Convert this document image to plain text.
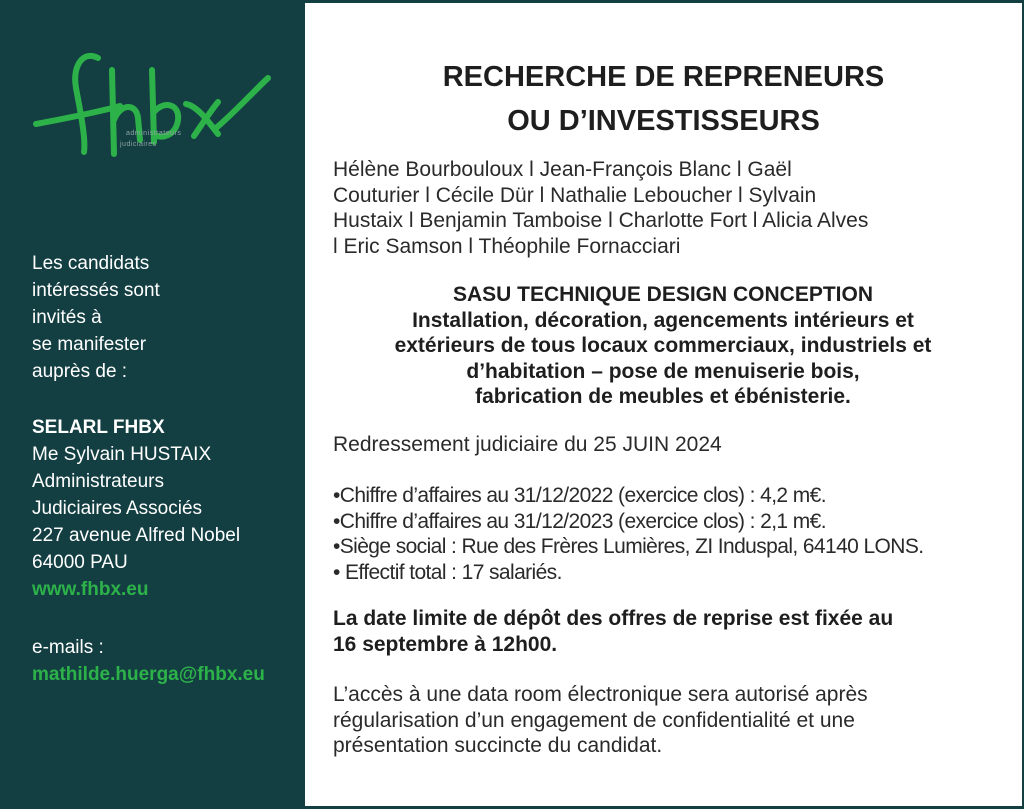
administrateurs
judiciaires
Les candidats
intéressés sont
invités à
se manifester
auprès de :
SELARL FHBX
Me Sylvain HUSTAIX
Administrateurs
Judiciaires Associés
227 avenue Alfred Nobel
64000 PAU
www.fhbx.eu
e-mails :
mathilde.huerga@fhbx.eu
RECHERCHE DE REPRENEURS
OU D’INVESTISSEURS
Hélène Bourbouloux l Jean-François Blanc l Gaël
Couturier l Cécile Dür l Nathalie Leboucher l Sylvain
Hustaix l Benjamin Tamboise l Charlotte Fort l Alicia Alves
l Eric Samson l Théophile Fornacciari
SASU TECHNIQUE DESIGN CONCEPTION
Installation, décoration, agencements intérieurs et
extérieurs de tous locaux commerciaux, industriels et
d’habitation – pose de menuiserie bois,
fabrication de meubles et ébénisterie.
Redressement judiciaire du 25 JUIN 2024
•Chiffre d’affaires au 31/12/2022 (exercice clos) : 4,2 m€.
•Chiffre d’affaires au 31/12/2023 (exercice clos) : 2,1 m€.
•Siège social : Rue des Frères Lumières, ZI Induspal, 64140 LONS.
• Effectif total : 17 salariés.
La date limite de dépôt des offres de reprise est fixée au
16 septembre à 12h00.
L’accès à une data room électronique sera autorisé après
régularisation d’un engagement de confidentialité et une
présentation succincte du candidat.
